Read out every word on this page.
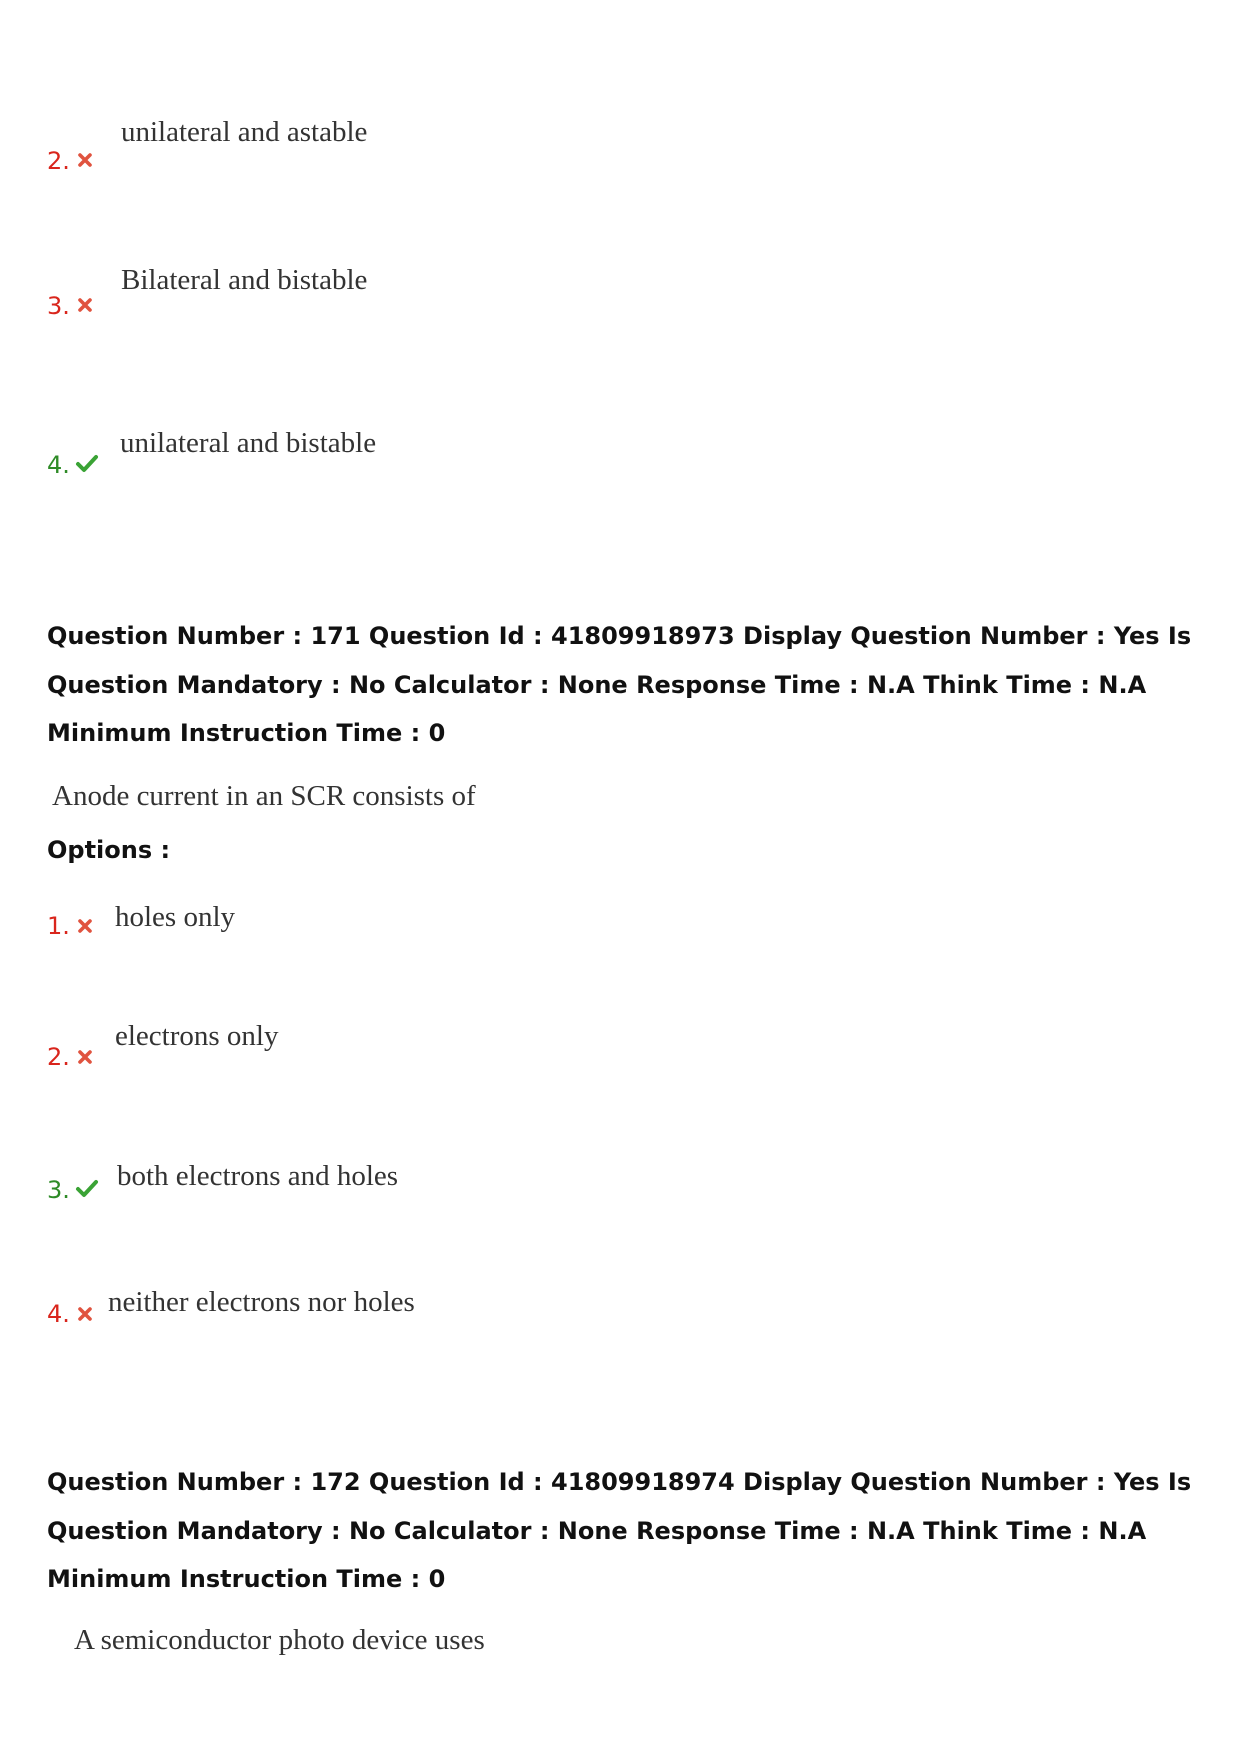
2.
unilateral and astable
3.
Bilateral and bistable
4.
unilateral and bistable
Question Number : 171 Question Id : 41809918973 Display Question Number : Yes Is Question Mandatory : No Calculator : None Response Time : N.A Think Time : N.A Minimum Instruction Time : 0
Anode current in an SCR consists of
Options :
1. holes only
2.
electrons only
3. both electrons and holes
4. neither electrons nor holes
Question Number : 172 Question Id : 41809918974 Display Question Number : Yes Is Question Mandatory : No Calculator : None Response Time : N.A Think Time : N.A Minimum Instruction Time : 0
A semiconductor photo device uses
